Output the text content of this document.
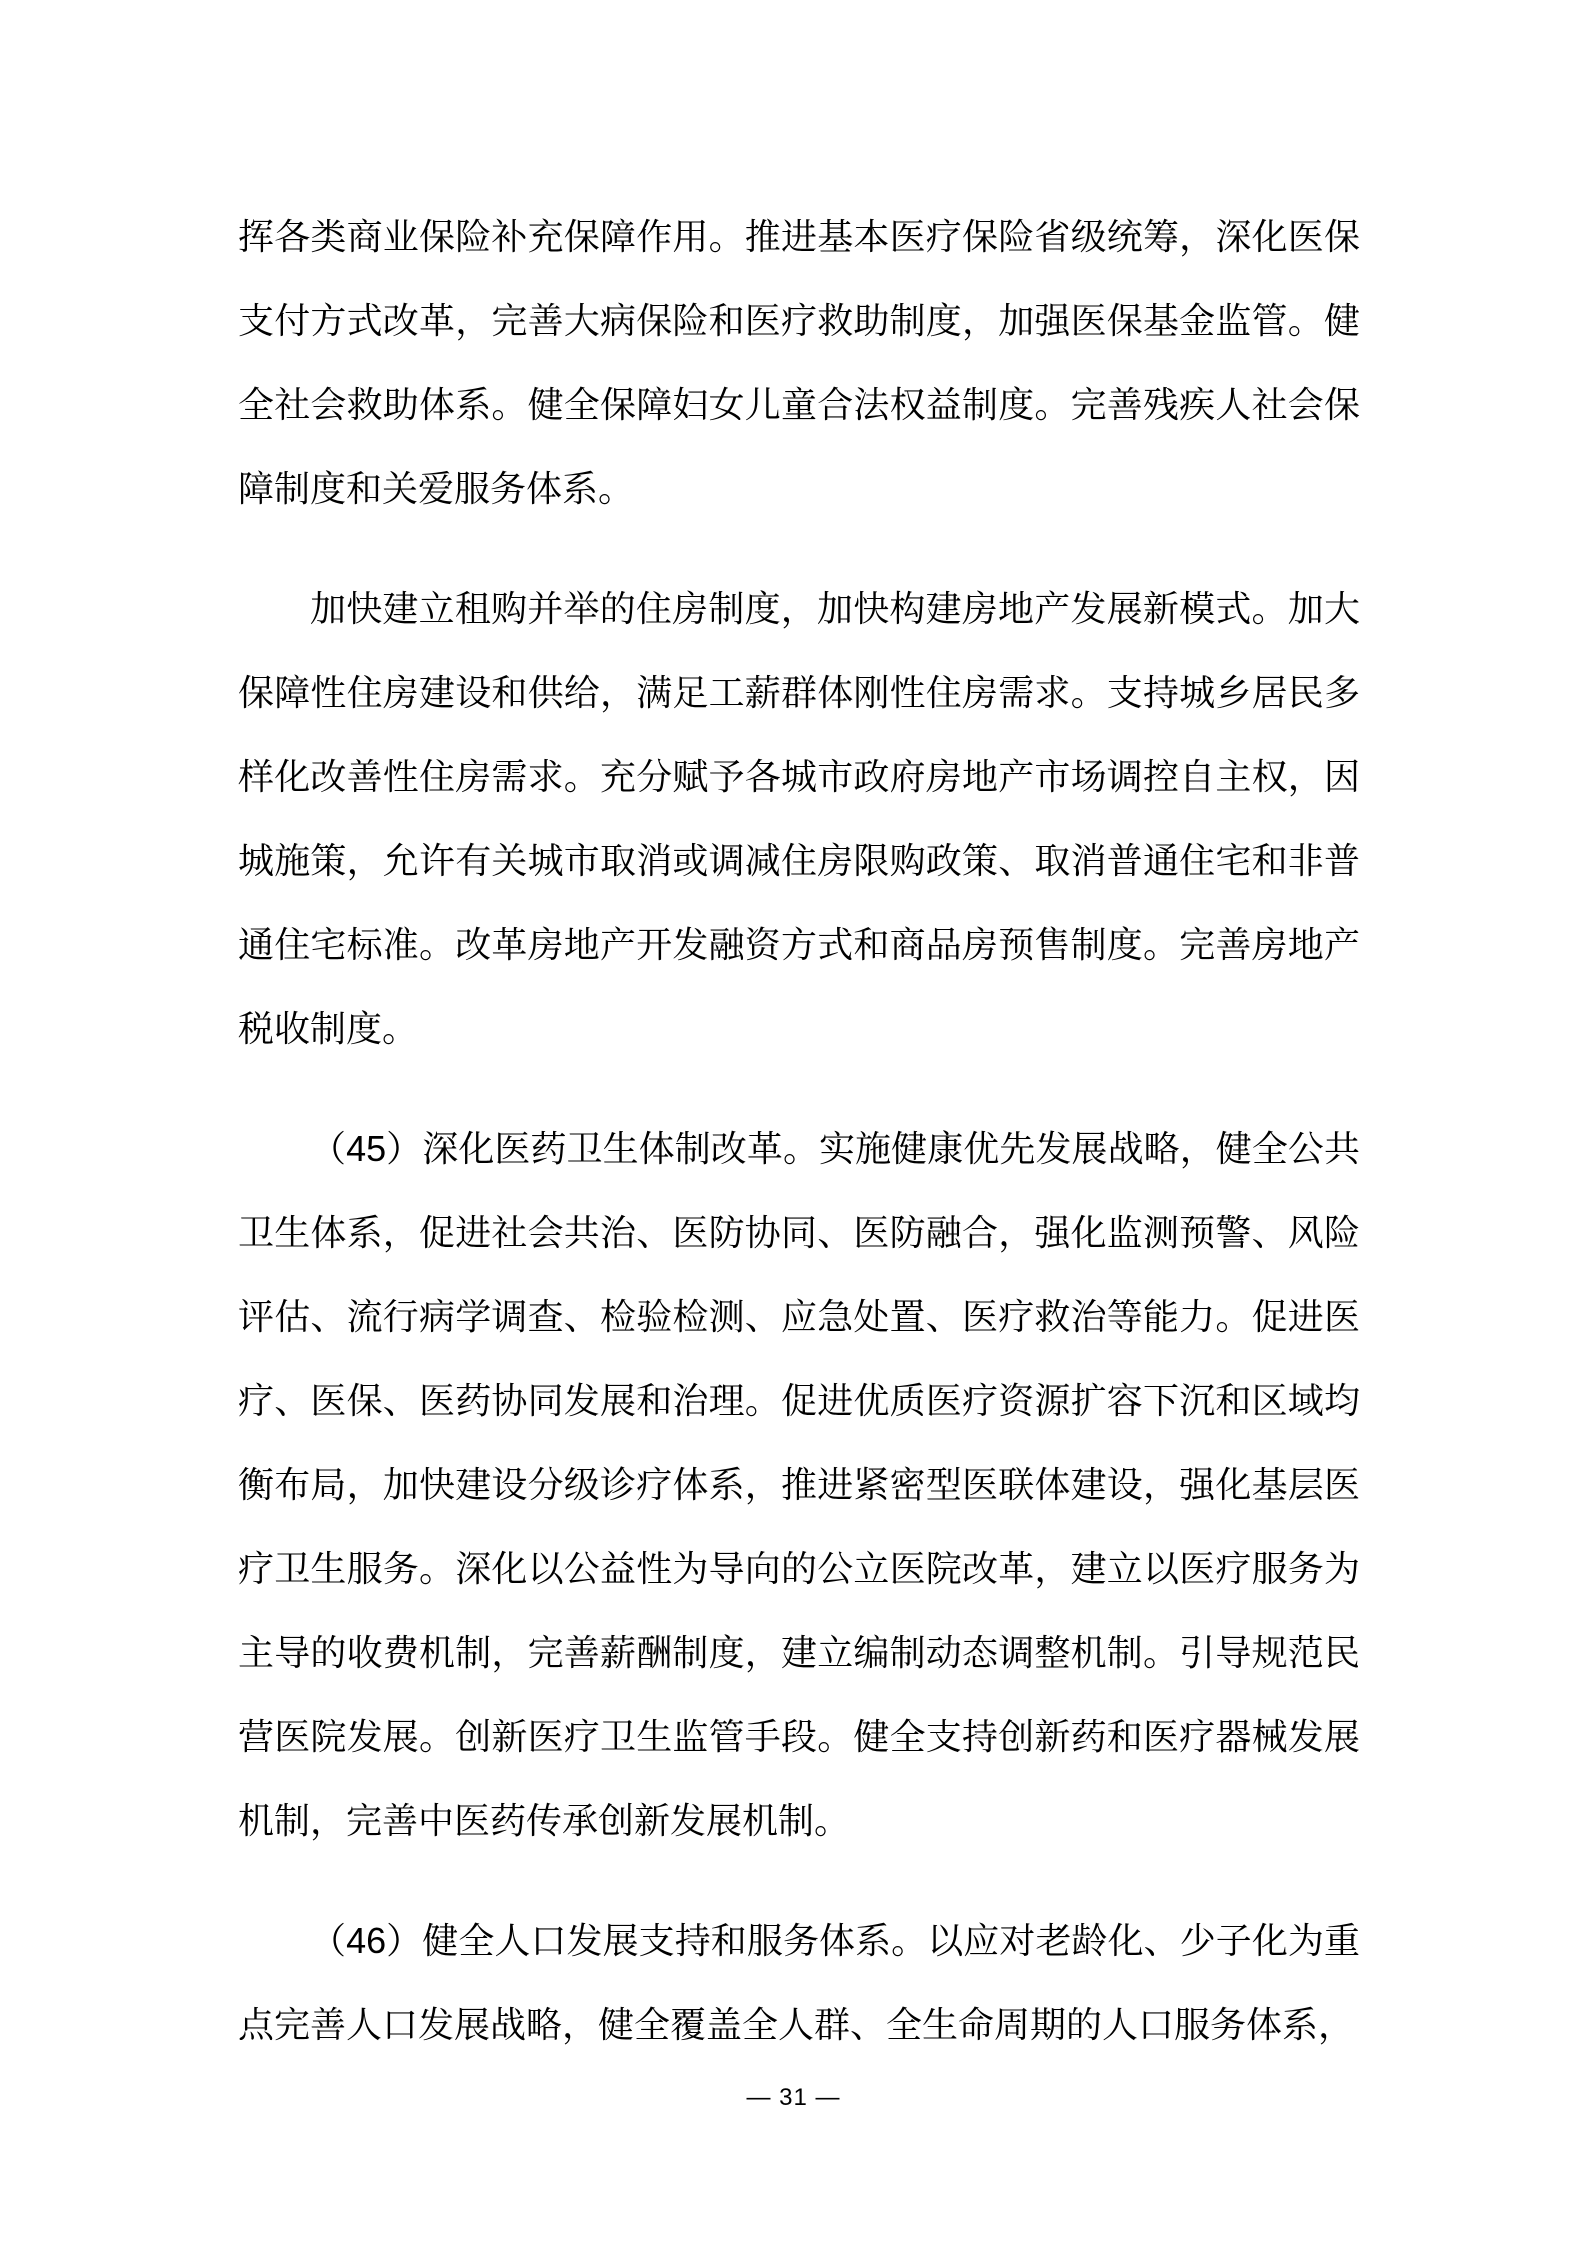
挥各类商业保险补充保障作用。推进基本医疗保险省级统筹，深化医保支付方式改革，完善大病保险和医疗救助制度，加强医保基金监管。健全社会救助体系。健全保障妇女儿童合法权益制度。完善残疾人社会保障制度和关爱服务体系。

加快建立租购并举的住房制度，加快构建房地产发展新模式。加大保障性住房建设和供给，满足工薪群体刚性住房需求。支持城乡居民多样化改善性住房需求。充分赋予各城市政府房地产市场调控自主权，因城施策，允许有关城市取消或调减住房限购政策、取消普通住宅和非普通住宅标准。改革房地产开发融资方式和商品房预售制度。完善房地产税收制度。

（45）深化医药卫生体制改革。实施健康优先发展战略，健全公共卫生体系，促进社会共治、医防协同、医防融合，强化监测预警、风险评估、流行病学调查、检验检测、应急处置、医疗救治等能力。促进医疗、医保、医药协同发展和治理。促进优质医疗资源扩容下沉和区域均衡布局，加快建设分级诊疗体系，推进紧密型医联体建设，强化基层医疗卫生服务。深化以公益性为导向的公立医院改革，建立以医疗服务为主导的收费机制，完善薪酬制度，建立编制动态调整机制。引导规范民营医院发展。创新医疗卫生监管手段。健全支持创新药和医疗器械发展机制，完善中医药传承创新发展机制。

（46）健全人口发展支持和服务体系。以应对老龄化、少子化为重点完善人口发展战略，健全覆盖全人群、全生命周期的人口服务体系，

— 31 —
